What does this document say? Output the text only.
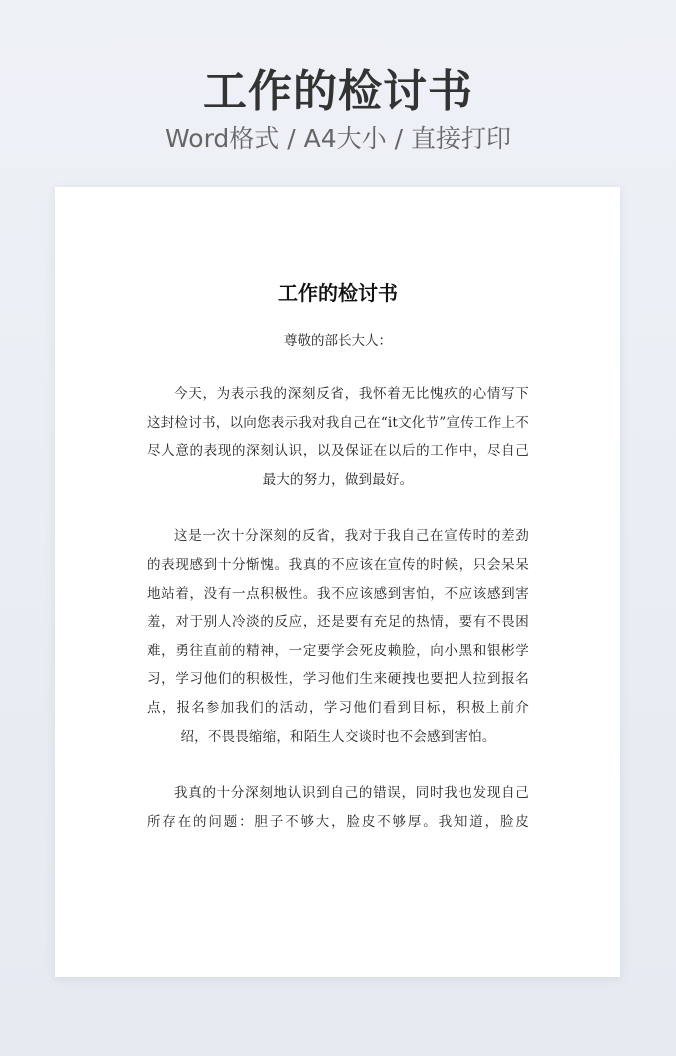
工作的检讨书
Word格式 / A4大小 / 直接打印
工作的检讨书
尊敬的部长大人：

今天，为表示我的深刻反省，我怀着无比愧疚的心情写下这封检讨书，以向您表示我对我自己在“it文化节”宣传工作上不尽人意的表现的深刻认识，以及保证在以后的工作中，尽自己最大的努力，做到最好。

这是一次十分深刻的反省，我对于我自己在宣传时的差劲的表现感到十分惭愧。我真的不应该在宣传的时候，只会呆呆地站着，没有一点积极性。我不应该感到害怕，不应该感到害羞，对于别人冷淡的反应，还是要有充足的热情，要有不畏困难，勇往直前的精神，一定要学会死皮赖脸，向小黑和银彬学习，学习他们的积极性，学习他们生来硬拽也要把人拉到报名点，报名参加我们的活动，学习他们看到目标，积极上前介绍，不畏畏缩缩，和陌生人交谈时也不会感到害怕。

我真的十分深刻地认识到自己的错误，同时我也发现自己所存在的问题：胆子不够大，脸皮不够厚。我知道，脸皮
